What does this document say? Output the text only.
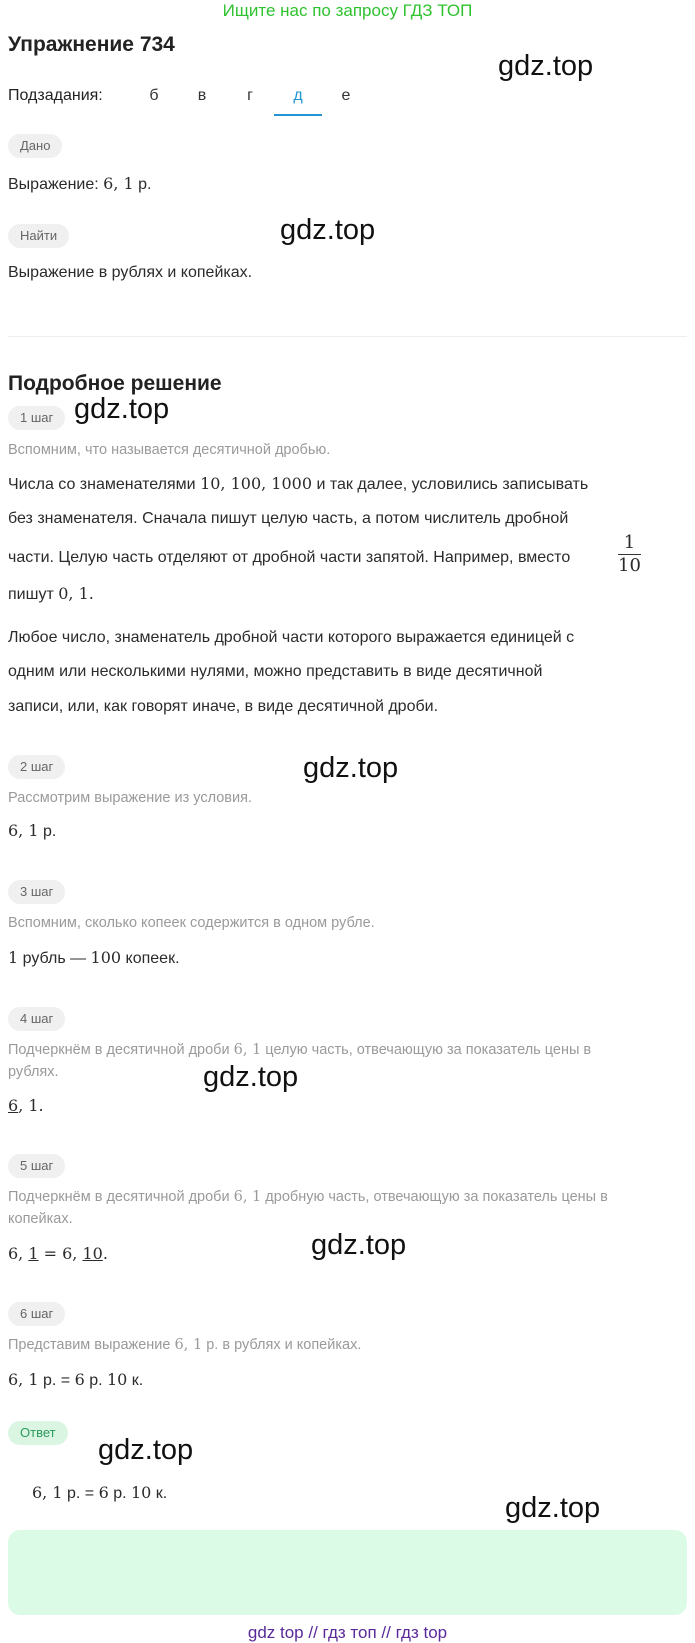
Ищите нас по запросу ГДЗ ТОП
Упражнение 734
Подзадания:	б	в	г	д	е
gdz.top
gdz.top
gdz.top
gdz.top
gdz.top
gdz.top
gdz.top
gdz.top
Дано
Выражение: 6, 1 р.
Найти
Выражение в рублях и копейках.
Подробное решение
1 шаг
Вспомним, что называется десятичной дробью.
Числа со знаменателями 10, 100, 1000 и так далее, условились записывать
без знаменателя. Сначала пишут целую часть, а потом числитель дробной
части. Целую часть отделяют от дробной части запятой. Например, вместо	$\frac{1}{10}$
пишут 0, 1.
Любое число, знаменатель дробной части которого выражается единицей с
одним или несколькими нулями, можно представить в виде десятичной
записи, или, как говорят иначе, в виде десятичной дроби.
2 шаг
Рассмотрим выражение из условия.
6, 1 р.
3 шаг
Вспомним, сколько копеек содержится в одном рубле.
1 рубль — 100 копеек.
4 шаг
Подчеркнём в десятичной дроби 6, 1 целую часть, отвечающую за показатель цены в
рублях.
6, 1.
5 шаг
Подчеркнём в десятичной дроби 6, 1 дробную часть, отвечающую за показатель цены в
копейках.
6, 1 = 6, 10.
6 шаг
Представим выражение 6, 1 р. в рублях и копейках.
6, 1 р. = 6 р. 10 к.
Ответ
6, 1 р. = 6 р. 10 к.
gdz top // гдз топ // гдз top
